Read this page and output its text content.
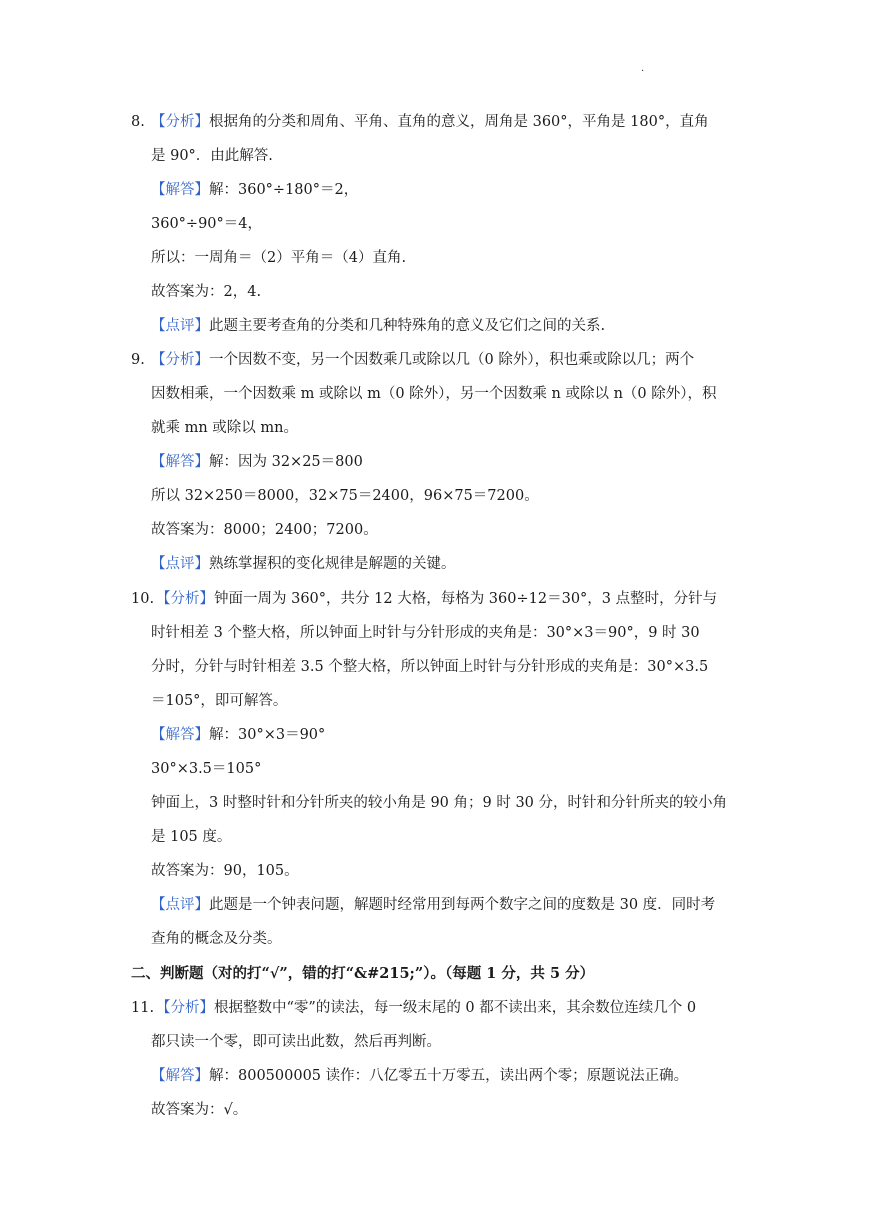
·
8. 【分析】根据角的分类和周角、平角、直角的意义，周角是 360°，平角是 180°，直角
是 90°．由此解答.
【解答】解：360°÷180°＝2，
360°÷90°＝4，
所以：一周角＝（2）平角＝（4）直角.
故答案为：2，4.
【点评】此题主要考查角的分类和几种特殊角的意义及它们之间的关系.
9. 【分析】一个因数不变，另一个因数乘几或除以几（0 除外），积也乘或除以几；两个
因数相乘，一个因数乘 m 或除以 m（0 除外），另一个因数乘 n 或除以 n（0 除外），积
就乘 mn 或除以 mn。
【解答】解：因为 32×25＝800
所以 32×250＝8000，32×75＝2400，96×75＝7200。
故答案为：8000；2400；7200。
【点评】熟练掌握积的变化规律是解题的关键。
10. 【分析】钟面一周为 360°，共分 12 大格，每格为 360÷12＝30°，3 点整时，分针与
时针相差 3 个整大格，所以钟面上时针与分针形成的夹角是：30°×3＝90°，9 时 30
分时，分针与时针相差 3.5 个整大格，所以钟面上时针与分针形成的夹角是：30°×3.5
＝105°，即可解答。
【解答】解：30°×3＝90°
30°×3.5＝105°
钟面上，3 时整时针和分针所夹的较小角是 90 角；9 时 30 分，时针和分针所夹的较小角
是 105 度。
故答案为：90，105。
【点评】此题是一个钟表问题，解题时经常用到每两个数字之间的度数是 30 度．同时考
查角的概念及分类。
二、判断题（对的打“√”，错的打“&#215;”）。（每题 1 分，共 5 分）
11. 【分析】根据整数中“零”的读法，每一级末尾的 0 都不读出来，其余数位连续几个 0
都只读一个零，即可读出此数，然后再判断。
【解答】解：800500005 读作：八亿零五十万零五，读出两个零；原题说法正确。
故答案为：√。
